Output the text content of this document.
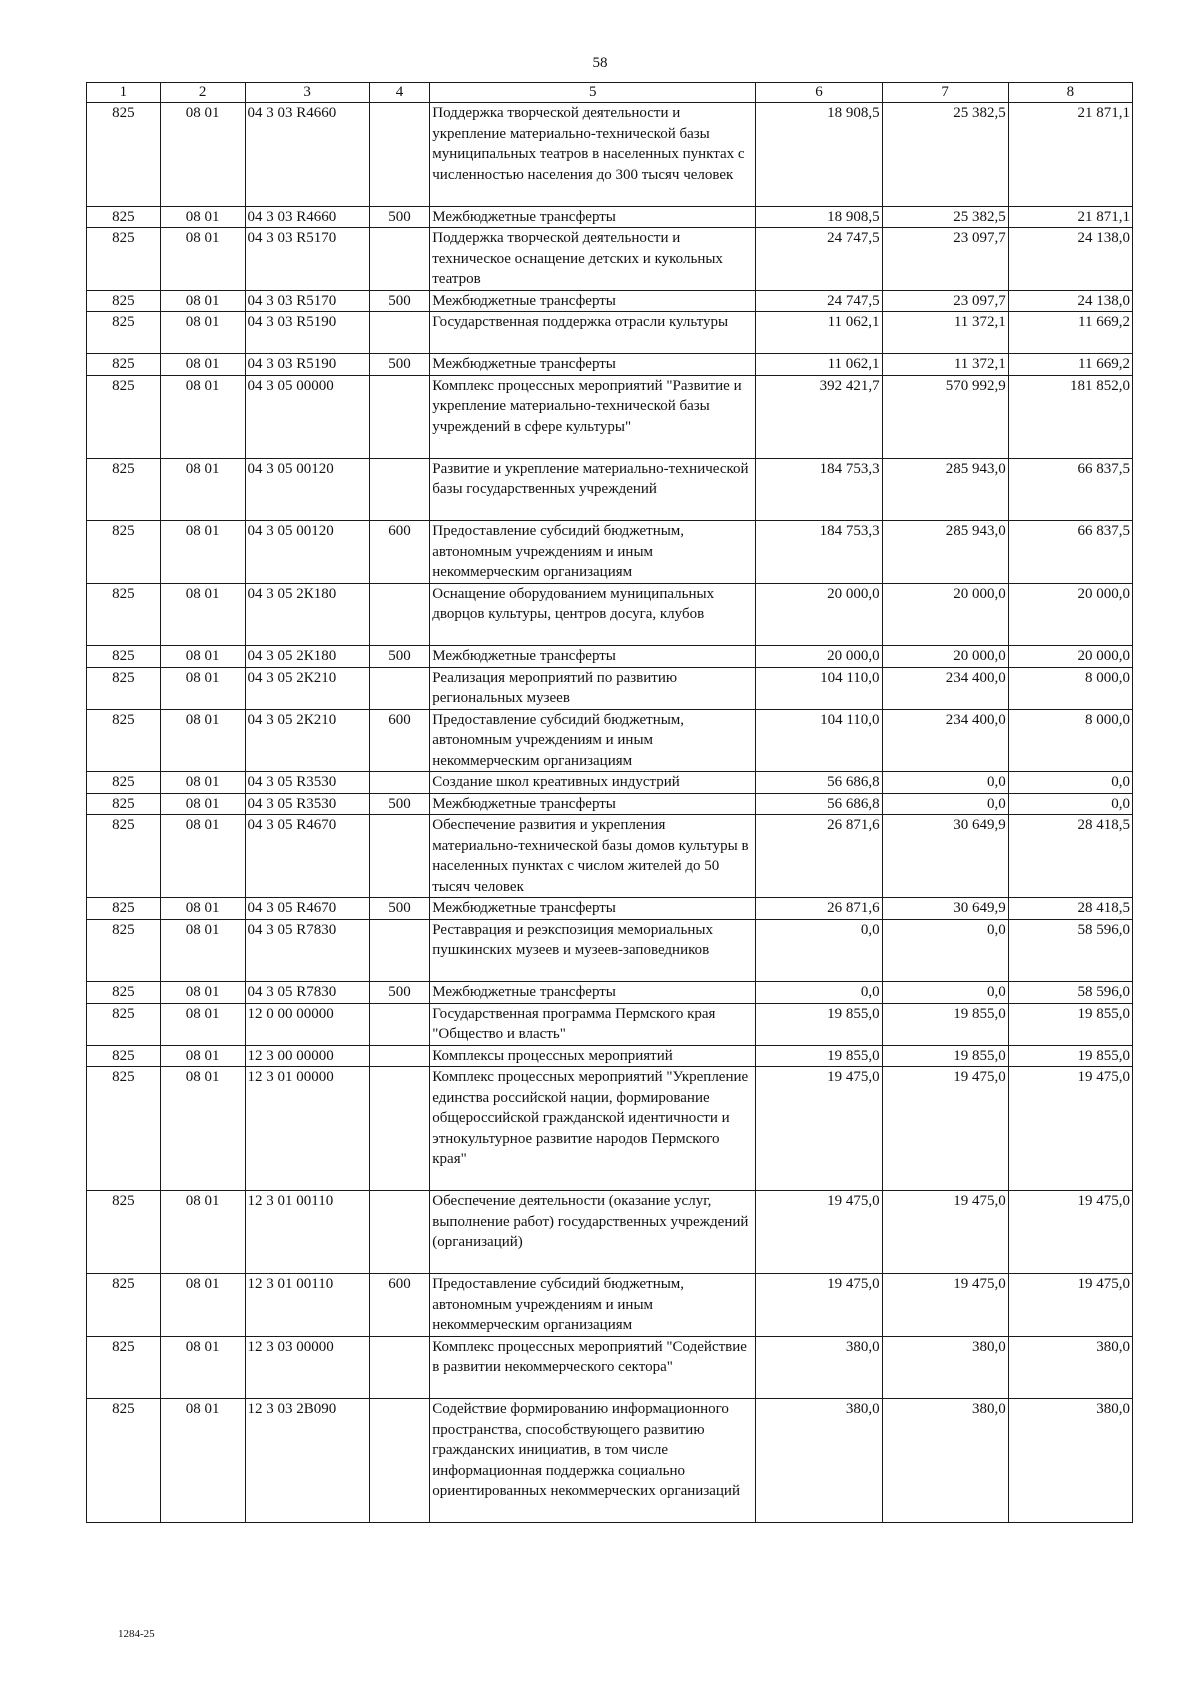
58
1	2	3	4	5	6	7	8
825	08 01	04 3 03 R4660		Поддержка творческой деятельности и укрепление материально-технической базы муниципальных театров в населенных пунктах с численностью населения до 300 тысяч человек	18 908,5	25 382,5	21 871,1
825	08 01	04 3 03 R4660	500	Межбюджетные трансферты	18 908,5	25 382,5	21 871,1
825	08 01	04 3 03 R5170		Поддержка творческой деятельности и техническое оснащение детских и кукольных театров	24 747,5	23 097,7	24 138,0
825	08 01	04 3 03 R5170	500	Межбюджетные трансферты	24 747,5	23 097,7	24 138,0
825	08 01	04 3 03 R5190		Государственная поддержка отрасли культуры	11 062,1	11 372,1	11 669,2
825	08 01	04 3 03 R5190	500	Межбюджетные трансферты	11 062,1	11 372,1	11 669,2
825	08 01	04 3 05 00000		Комплекс процессных мероприятий "Развитие и укрепление материально-технической базы учреждений в сфере культуры"	392 421,7	570 992,9	181 852,0
825	08 01	04 3 05 00120		Развитие и укрепление материально-технической базы государственных учреждений	184 753,3	285 943,0	66 837,5
825	08 01	04 3 05 00120	600	Предоставление субсидий бюджетным, автономным учреждениям и иным некоммерческим организациям	184 753,3	285 943,0	66 837,5
825	08 01	04 3 05 2К180		Оснащение оборудованием муниципальных дворцов культуры, центров досуга, клубов	20 000,0	20 000,0	20 000,0
825	08 01	04 3 05 2К180	500	Межбюджетные трансферты	20 000,0	20 000,0	20 000,0
825	08 01	04 3 05 2К210		Реализация мероприятий по развитию региональных музеев	104 110,0	234 400,0	8 000,0
825	08 01	04 3 05 2К210	600	Предоставление субсидий бюджетным, автономным учреждениям и иным некоммерческим организациям	104 110,0	234 400,0	8 000,0
825	08 01	04 3 05 R3530		Создание школ креативных индустрий	56 686,8	0,0	0,0
825	08 01	04 3 05 R3530	500	Межбюджетные трансферты	56 686,8	0,0	0,0
825	08 01	04 3 05 R4670		Обеспечение развития и укрепления материально-технической базы домов культуры в населенных пунктах с числом жителей до 50 тысяч человек	26 871,6	30 649,9	28 418,5
825	08 01	04 3 05 R4670	500	Межбюджетные трансферты	26 871,6	30 649,9	28 418,5
825	08 01	04 3 05 R7830		Реставрация и реэкспозиция мемориальных пушкинских музеев и музеев-заповедников	0,0	0,0	58 596,0
825	08 01	04 3 05 R7830	500	Межбюджетные трансферты	0,0	0,0	58 596,0
825	08 01	12 0 00 00000		Государственная программа Пермского края "Общество и власть"	19 855,0	19 855,0	19 855,0
825	08 01	12 3 00 00000		Комплексы процессных мероприятий	19 855,0	19 855,0	19 855,0
825	08 01	12 3 01 00000		Комплекс процессных мероприятий "Укрепление единства российской нации, формирование общероссийской гражданской идентичности и этнокультурное развитие народов Пермского края"	19 475,0	19 475,0	19 475,0
825	08 01	12 3 01 00110		Обеспечение деятельности (оказание услуг, выполнение работ) государственных учреждений (организаций)	19 475,0	19 475,0	19 475,0
825	08 01	12 3 01 00110	600	Предоставление субсидий бюджетным, автономным учреждениям и иным некоммерческим организациям	19 475,0	19 475,0	19 475,0
825	08 01	12 3 03 00000		Комплекс процессных мероприятий "Содействие в развитии некоммерческого сектора"	380,0	380,0	380,0
825	08 01	12 3 03 2В090		Содействие формированию информационного пространства, способствующего развитию гражданских инициатив, в том числе информационная поддержка социально ориентированных некоммерческих организаций	380,0	380,0	380,0
1284-25
